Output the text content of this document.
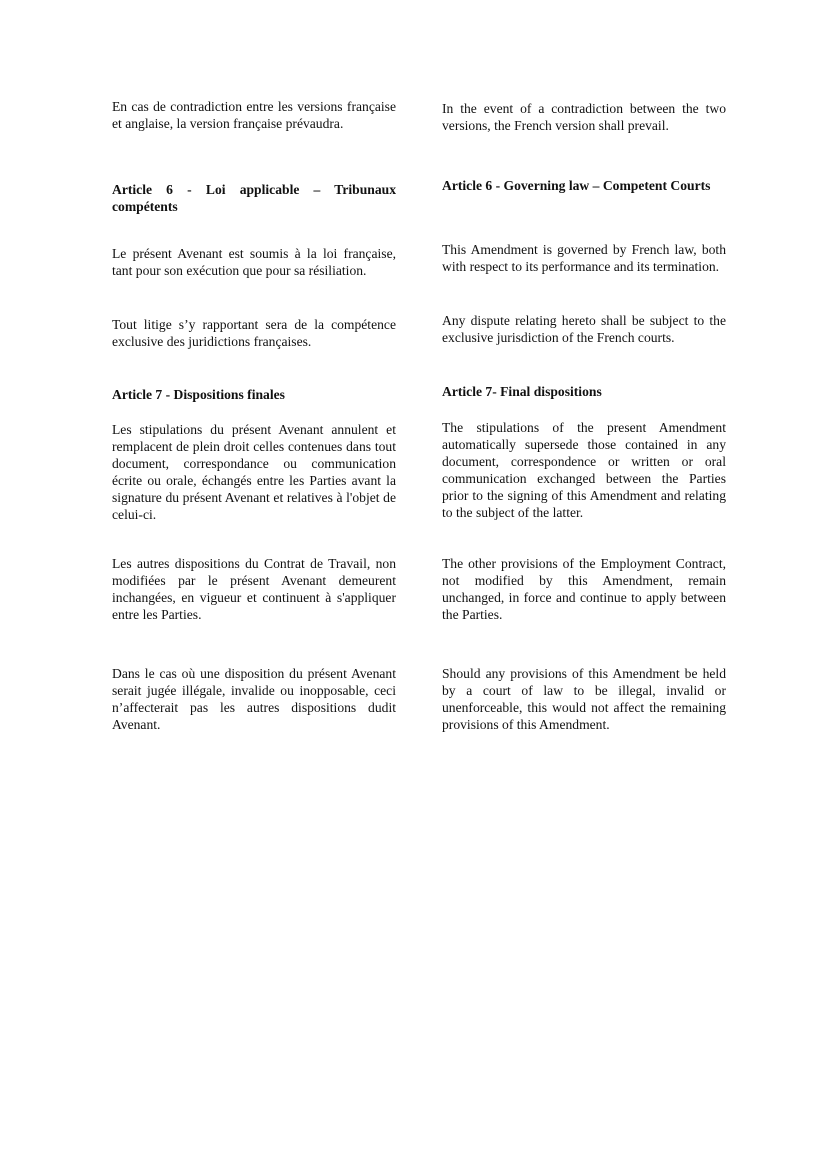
En cas de contradiction entre les versions française et anglaise, la version française prévaudra.

Article 6 - Loi applicable – Tribunaux compétents

Le présent Avenant est soumis à la loi française, tant pour son exécution que pour sa résiliation.

Tout litige s’y rapportant sera de la compétence exclusive des juridictions françaises.

Article 7 - Dispositions finales

Les stipulations du présent Avenant annulent et remplacent de plein droit celles contenues dans tout document, correspondance ou communication écrite ou orale, échangés entre les Parties avant la signature du présent Avenant et relatives à l'objet de celui-ci.

Les autres dispositions du Contrat de Travail, non modifiées par le présent Avenant demeurent inchangées, en vigueur et continuent à s'appliquer entre les Parties.

Dans le cas où une disposition du présent Avenant serait jugée illégale, invalide ou inopposable, ceci n’affecterait pas les autres dispositions dudit Avenant.

In the event of a contradiction between the two versions, the French version shall prevail.

Article 6 - Governing law – Competent Courts

This Amendment is governed by French law, both with respect to its performance and its termination.

Any dispute relating hereto shall be subject to the exclusive jurisdiction of the French courts.

Article 7- Final dispositions

The stipulations of the present Amendment automatically supersede those contained in any document, correspondence or written or oral communication exchanged between the Parties prior to the signing of this Amendment and relating to the subject of the latter.

The other provisions of the Employment Contract, not modified by this Amendment, remain unchanged, in force and continue to apply between the Parties.

Should any provisions of this Amendment be held by a court of law to be illegal, invalid or unenforceable, this would not affect the remaining provisions of this Amendment.
